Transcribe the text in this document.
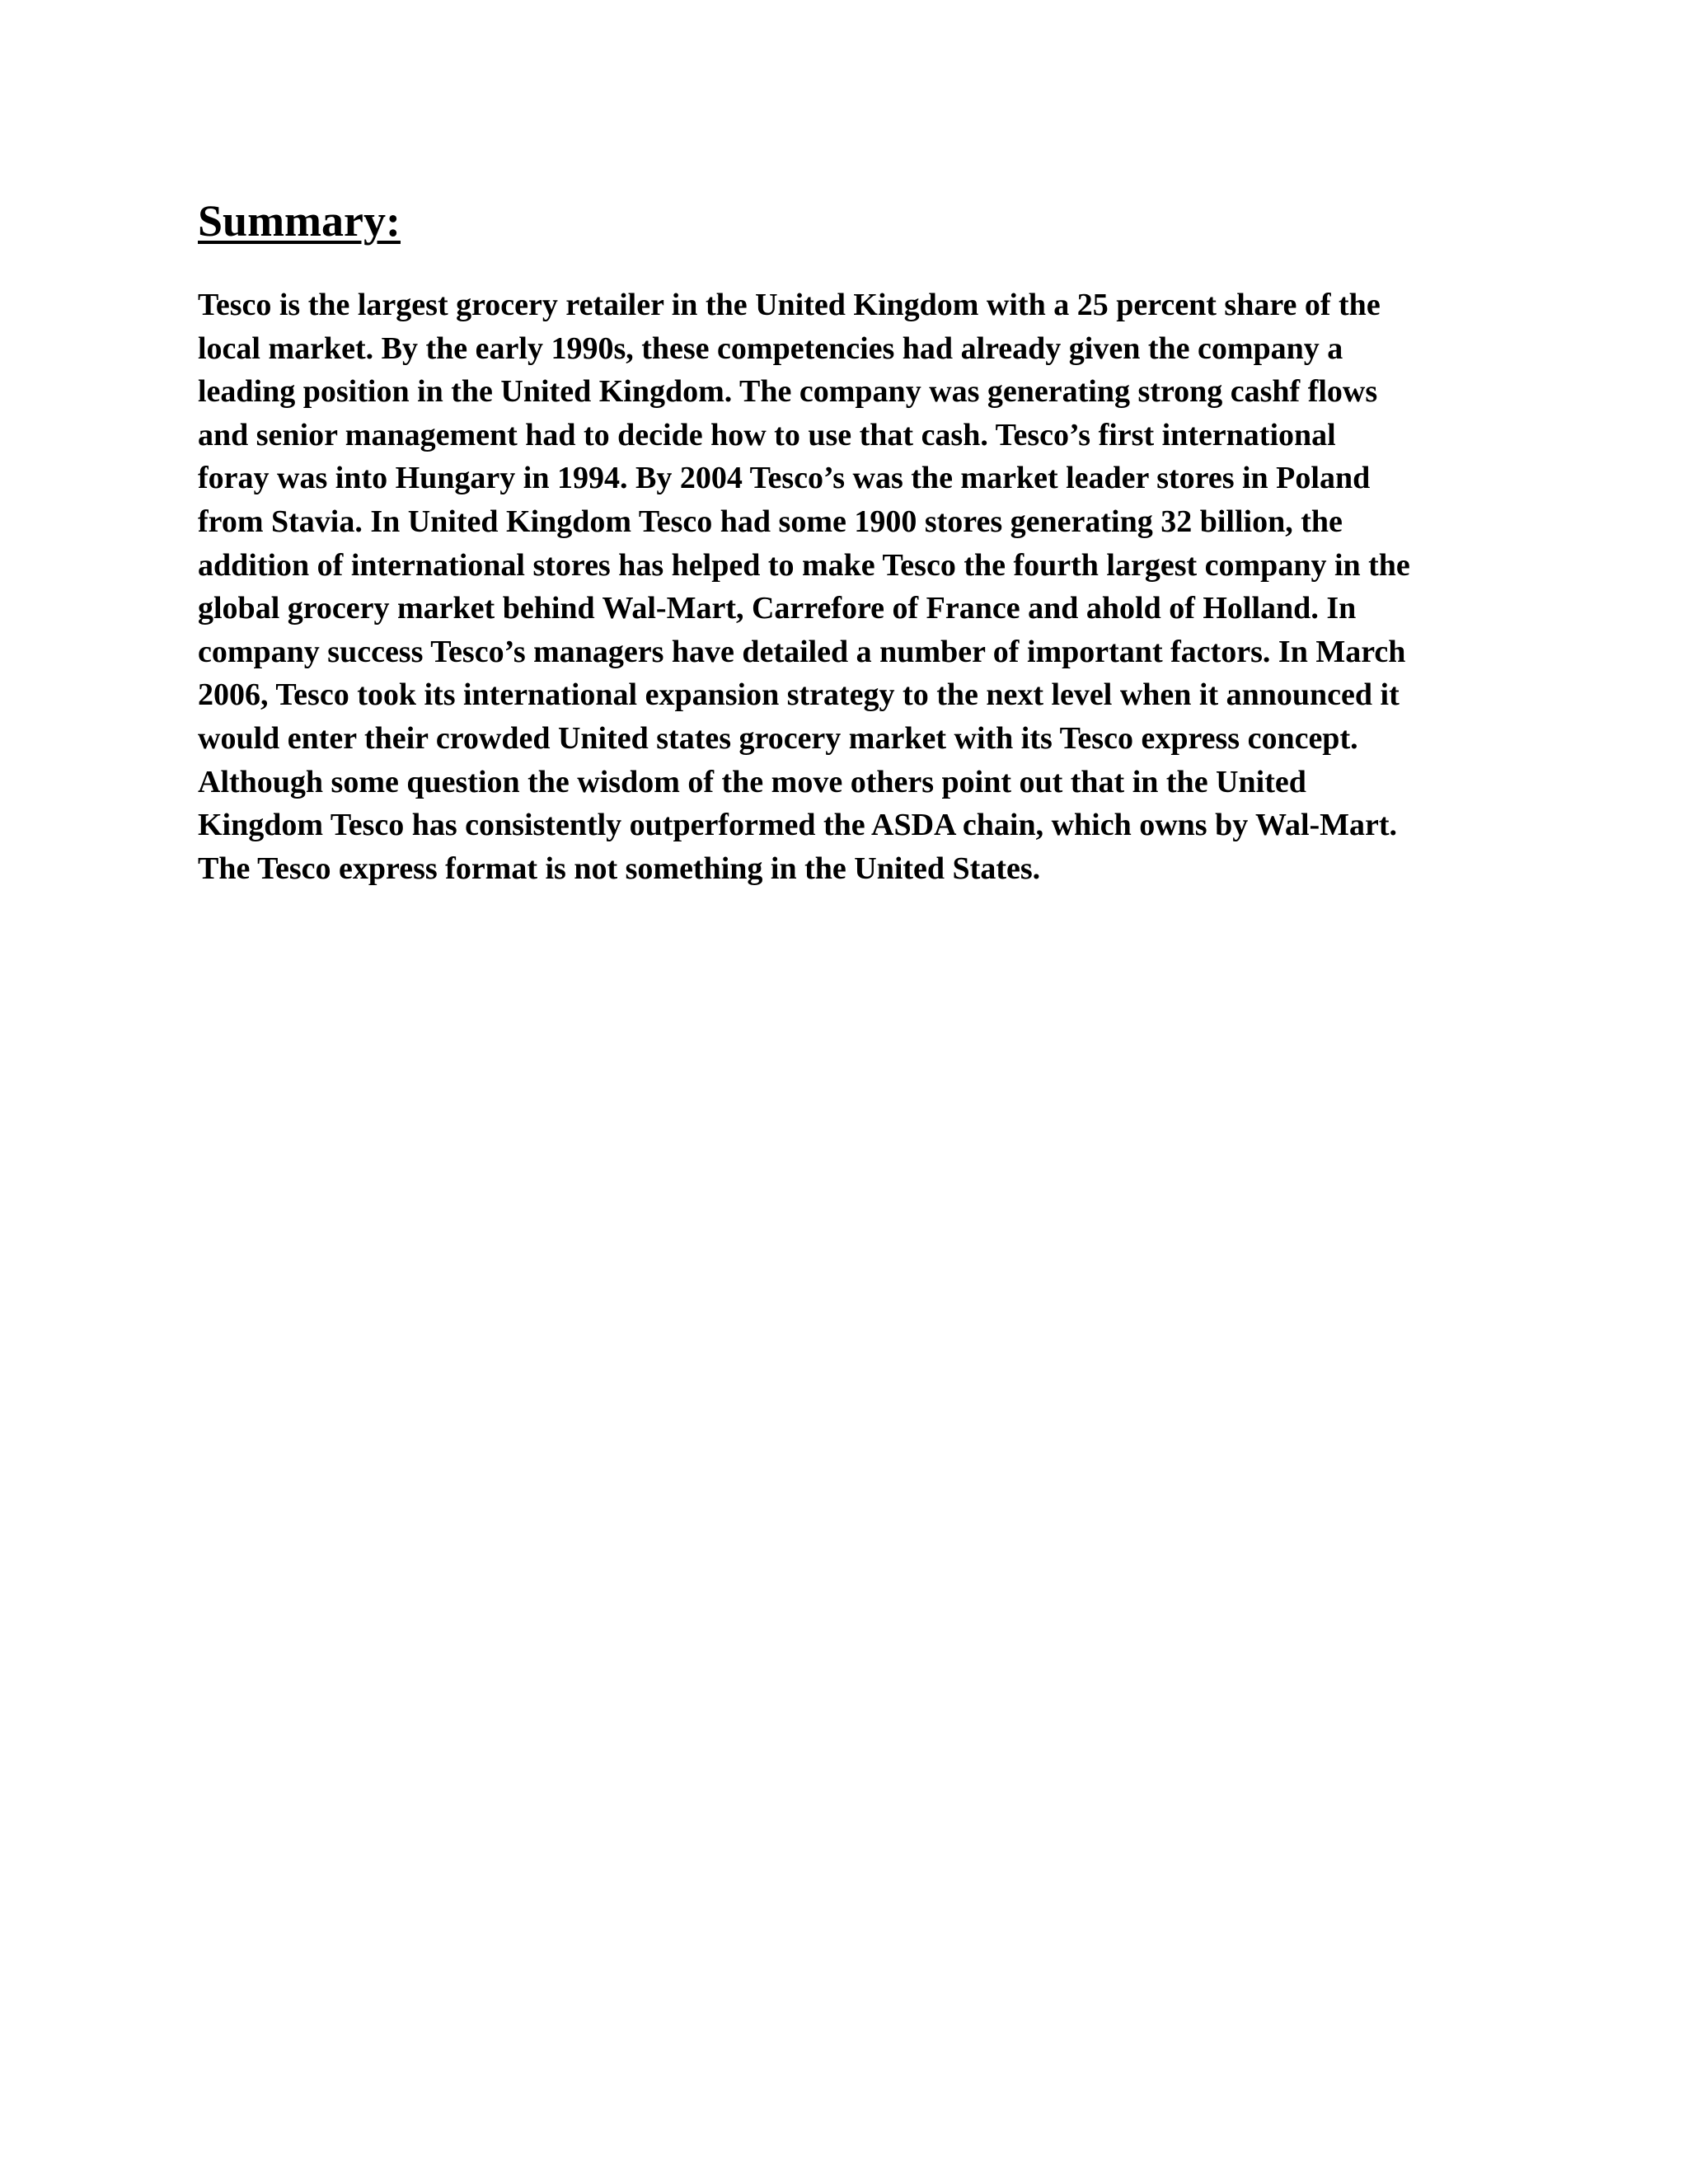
Summary:
Tesco is the largest grocery retailer in the United Kingdom with a 25 percent share of the
local market. By the early 1990s, these competencies had already given the company a
leading position in the United Kingdom. The company was generating strong cashf flows
and senior management had to decide how to use that cash. Tesco’s first international
foray was into Hungary in 1994. By 2004 Tesco’s was the market leader stores in Poland
from Stavia. In United Kingdom Tesco had some 1900 stores generating 32 billion, the
addition of international stores has helped to make Tesco the fourth largest company in the
global grocery market behind Wal-Mart, Carrefore of France and ahold of Holland. In
company success Tesco’s managers have detailed a number of important factors. In March
2006, Tesco took its international expansion strategy to the next level when it announced it
would enter their crowded United states grocery market with its Tesco express concept.
Although some question the wisdom of the move others point out that in the United
Kingdom Tesco has consistently outperformed the ASDA chain, which owns by Wal-Mart.
The Tesco express format is not something in the United States.
